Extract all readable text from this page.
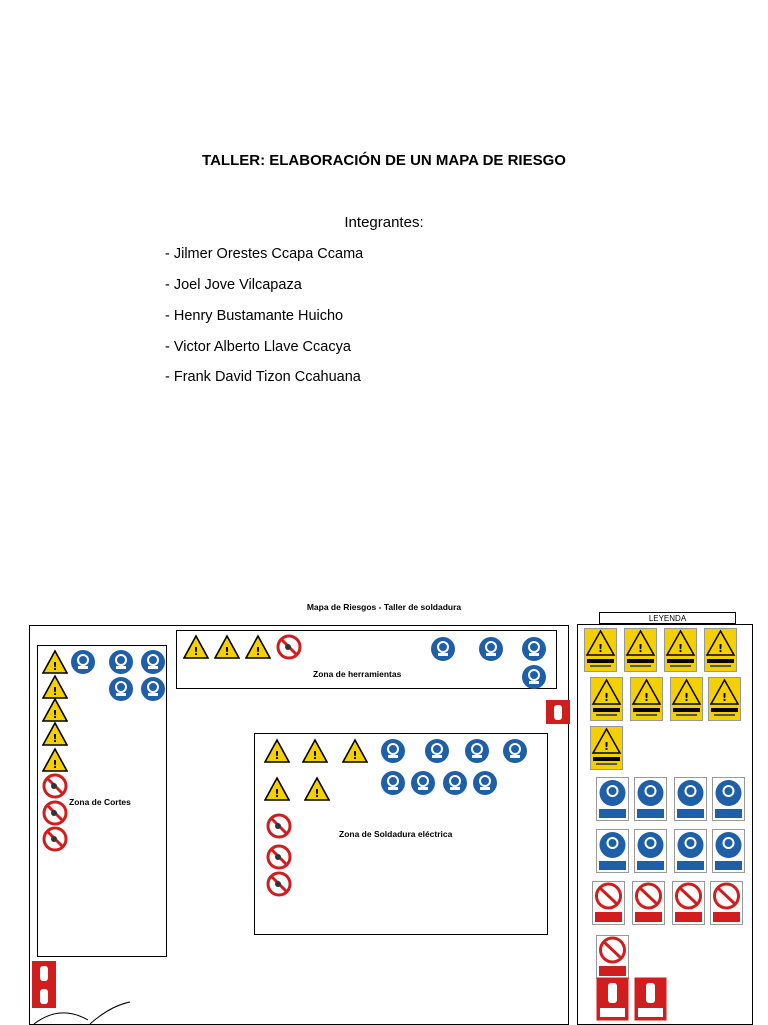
TALLER: ELABORACIÓN DE UN MAPA DE RIESGO
Integrantes:
- Jilmer Orestes Ccapa Ccama
- Joel Jove Vilcapaza
- Henry Bustamante Huicho
- Victor Alberto Llave Ccacya
- Frank David Tizon Ccahuana
Mapa de Riesgos - Taller de soldadura
Zona de Cortes
Zona de herramientas
Zona de Soldadura eléctrica
LEYENDA
!
!
!
!
!
! ! !
!	!	!
!	!
!	!	!	!
!	!	!	!
!
